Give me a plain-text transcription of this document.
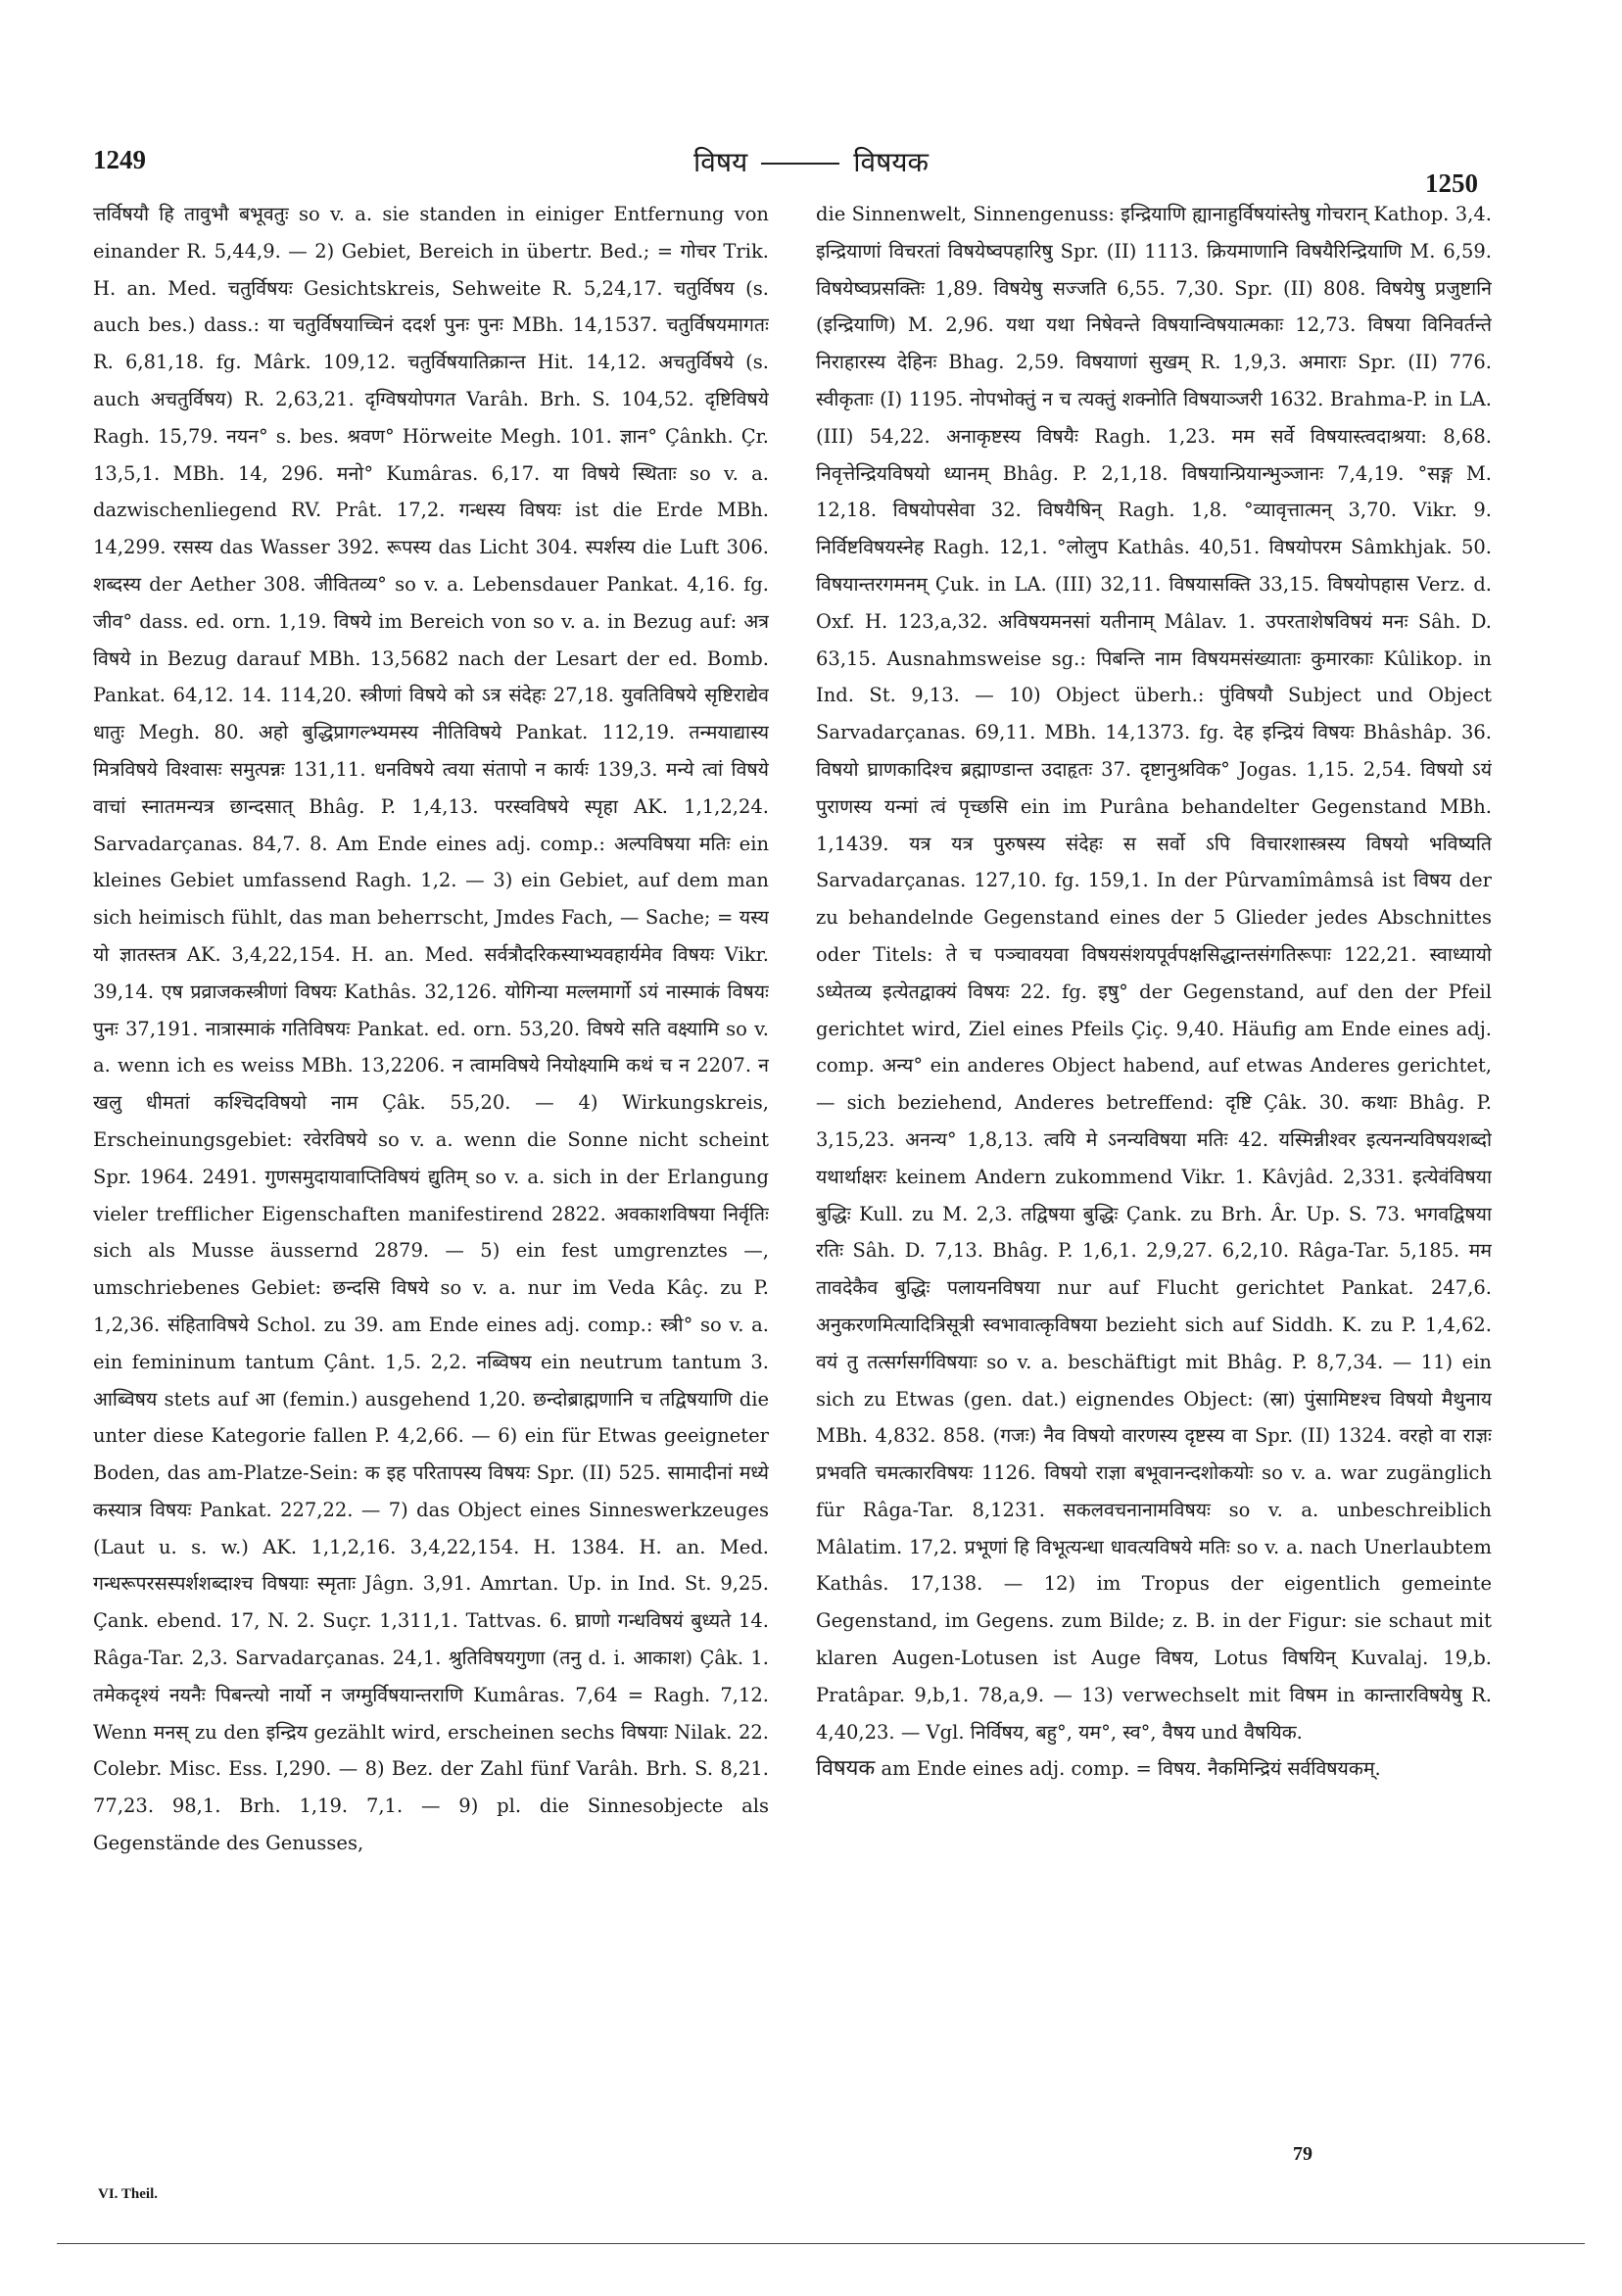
1249	विषय	विषयक
1250

त्तर्विषयौ हि तावुभौ बभूवतुः so v. a. sie standen in einiger Entfernung von einander R. 5,44,9. — 2) Gebiet, Bereich in übertr. Bed.; = गोचर Trik. H. an. Med. चतुर्विषयः Gesichtskreis, Sehweite R. 5,24,17. चतुर्विषय (s. auch bes.) dass.: या चतुर्विषयाच्चिनं ददर्श पुनः पुनः MBh. 14,1537. चतुर्विषयमागतः R. 6,81,18. fg. Mârk. 109,12. चतुर्विषयातिक्रान्त Hit. 14,12. अचतुर्विषये (s. auch अचतुर्विषय) R. 2,63,21. दृग्विषयोपगत Varâh. Brh. S. 104,52. दृष्टिविषये Ragh. 15,79. नयन° s. bes. श्रवण° Hörweite Megh. 101. ज्ञान° Çânkh. Çr. 13,5,1. MBh. 14, 296. मनो° Kumâras. 6,17. या विषये स्थिताः so v. a. dazwischenliegend RV. Prât. 17,2. गन्धस्य विषयः ist die Erde MBh. 14,299. रसस्य das Wasser 392. रूपस्य das Licht 304. स्पर्शस्य die Luft 306. शब्दस्य der Aether 308. जीवितव्य° so v. a. Lebensdauer Pankat. 4,16. fg. जीव° dass. ed. orn. 1,19. विषये im Bereich von so v. a. in Bezug auf: अत्र विषये in Bezug darauf MBh. 13,5682 nach der Lesart der ed. Bomb. Pankat. 64,12. 14. 114,20. स्त्रीणां विषये को ऽत्र संदेहः 27,18. युवतिविषये सृष्टिराद्येव धातुः Megh. 80. अहो बुद्धिप्रागल्भ्यमस्य नीतिविषये Pankat. 112,19. तन्मयाद्यास्य मित्रविषये विश्वासः समुत्पन्नः 131,11. धनविषये त्वया संतापो न कार्यः 139,3. मन्ये त्वां विषये वाचां स्नातमन्यत्र छान्दसात् Bhâg. P. 1,4,13. परस्वविषये स्पृहा AK. 1,1,2,24. Sarvadarçanas. 84,7. 8. Am Ende eines adj. comp.: अल्पविषया मतिः ein kleines Gebiet umfassend Ragh. 1,2. — 3) ein Gebiet, auf dem man sich heimisch fühlt, das man beherrscht, Jmdes Fach, — Sache; = यस्य यो ज्ञातस्तत्र AK. 3,4,22,154. H. an. Med. सर्वत्रौदरिकस्याभ्यवहार्यमेव विषयः Vikr. 39,14. एष प्रव्राजकस्त्रीणां विषयः Kathâs. 32,126. योगिन्या मल्लमार्गो ऽयं नास्माकं विषयः पुनः 37,191. नात्रास्माकं गतिविषयः Pankat. ed. orn. 53,20. विषये सति वक्ष्यामि so v. a. wenn ich es weiss MBh. 13,2206. न त्वामविषये नियोक्ष्यामि कथं च न 2207. न खलु धीमतां कश्चिदविषयो नाम Çâk. 55,20. — 4) Wirkungskreis, Erscheinungsgebiet: रवेरविषये so v. a. wenn die Sonne nicht scheint Spr. 1964. 2491. गुणसमुदायावाप्तिविषयं द्युतिम् so v. a. sich in der Erlangung vieler trefflicher Eigenschaften manifestirend 2822. अवकाशविषया निर्वृतिः sich als Musse äussernd 2879. — 5) ein fest umgrenztes —, umschriebenes Gebiet: छन्दसि विषये so v. a. nur im Veda Kâç. zu P. 1,2,36. संहिताविषये Schol. zu 39. am Ende eines adj. comp.: स्त्री° so v. a. ein femininum tantum Çânt. 1,5. 2,2. नब्विषय ein neutrum tantum 3. आब्विषय stets auf आ (femin.) ausgehend 1,20. छन्दोब्राह्मणानि च तद्विषयाणि die unter diese Kategorie fallen P. 4,2,66. — 6) ein für Etwas geeigneter Boden, das am-Platze-Sein: क इह परितापस्य विषयः Spr. (II) 525. सामादीनां मध्ये कस्यात्र विषयः Pankat. 227,22. — 7) das Object eines Sinneswerkzeuges (Laut u. s. w.) AK. 1,1,2,16. 3,4,22,154. H. 1384. H. an. Med. गन्धरूपरसस्पर्शशब्दाश्च विषयाः स्मृताः Jâgn. 3,91. Amrtan. Up. in Ind. St. 9,25. Çank. ebend. 17, N. 2. Suçr. 1,311,1. Tattvas. 6. घ्राणो गन्धविषयं बुध्यते 14. Râga-Tar. 2,3. Sarvadarçanas. 24,1. श्रुतिविषयगुणा (तनु d. i. आकाश) Çâk. 1. तमेकदृश्यं नयनैः पिबन्त्यो नार्यो न जग्मुर्विषयान्तराणि Kumâras. 7,64 = Ragh. 7,12. Wenn मनस् zu den इन्द्रिय gezählt wird, erscheinen sechs विषयाः Nilak. 22. Colebr. Misc. Ess. I,290. — 8) Bez. der Zahl fünf Varâh. Brh. S. 8,21. 77,23. 98,1. Brh. 1,19. 7,1. — 9) pl. die Sinnesobjecte als Gegenstände des Genusses,

die Sinnenwelt, Sinnengenuss: इन्द्रियाणि ह्यानाहुर्विषयांस्तेषु गोचरान् Kathop. 3,4. इन्द्रियाणां विचरतां विषयेष्वपहारिषु Spr. (II) 1113. क्रियमाणानि विषयैरिन्द्रियाणि M. 6,59. विषयेष्वप्रसक्तिः 1,89. विषयेषु सज्जति 6,55. 7,30. Spr. (II) 808. विषयेषु प्रजुष्टानि (इन्द्रियाणि) M. 2,96. यथा यथा निषेवन्ते विषयान्विषयात्मकाः 12,73. विषया विनिवर्तन्ते निराहारस्य देहिनः Bhag. 2,59. विषयाणां सुखम् R. 1,9,3. अमाराः Spr. (II) 776. स्वीकृताः (I) 1195. नोपभोक्तुं न च त्यक्तुं शक्नोति विषयाञ्जरी 1632. Brahma-P. in LA. (III) 54,22. अनाकृष्टस्य विषयैः Ragh. 1,23. मम सर्वे विषयास्त्वदाश्रया: 8,68. निवृत्तेन्द्रियविषयो ध्यानम् Bhâg. P. 2,1,18. विषयान्प्रियान्भुञ्जानः 7,4,19. °सङ्ग M. 12,18. विषयोपसेवा 32. विषयैषिन् Ragh. 1,8. °व्यावृत्तात्मन् 3,70. Vikr. 9. निर्विष्टविषयस्नेह Ragh. 12,1. °लोलुप Kathâs. 40,51. विषयोपरम Sâmkhjak. 50. विषयान्तरगमनम् Çuk. in LA. (III) 32,11. विषयासक्ति 33,15. विषयोपहास Verz. d. Oxf. H. 123,a,32. अविषयमनसां यतीनाम् Mâlav. 1. उपरताशेषविषयं मनः Sâh. D. 63,15. Ausnahmsweise sg.: पिबन्ति नाम विषयमसंख्याताः कुमारकाः Kûlikop. in Ind. St. 9,13. — 10) Object überh.: पुंविषयौ Subject und Object Sarvadarçanas. 69,11. MBh. 14,1373. fg. देह इन्द्रियं विषयः Bhâshâp. 36. विषयो घ्राणकादिश्च ब्रह्माण्डान्त उदाहृतः 37. दृष्टानुश्रविक° Jogas. 1,15. 2,54. विषयो ऽयं पुराणस्य यन्मां त्वं पृच्छसि ein im Purâna behandelter Gegenstand MBh. 1,1439. यत्र यत्र पुरुषस्य संदेहः स सर्वो ऽपि विचारशास्त्रस्य विषयो भविष्यति Sarvadarçanas. 127,10. fg. 159,1. In der Pûrvamîmâmsâ ist विषय der zu behandelnde Gegenstand eines der 5 Glieder jedes Abschnittes oder Titels: ते च पञ्चावयवा विषयसंशयपूर्वपक्षसिद्धान्तसंगतिरूपाः 122,21. स्वाध्यायो ऽध्येतव्य इत्येतद्वाक्यं विषयः 22. fg. इषु° der Gegenstand, auf den der Pfeil gerichtet wird, Ziel eines Pfeils Çiç. 9,40. Häufig am Ende eines adj. comp. अन्य° ein anderes Object habend, auf etwas Anderes gerichtet, — sich beziehend, Anderes betreffend: दृष्टि Çâk. 30. कथाः Bhâg. P. 3,15,23. अनन्य° 1,8,13. त्वयि मे ऽनन्यविषया मतिः 42. यस्मिन्नीश्वर इत्यनन्यविषयशब्दो यथार्थाक्षरः keinem Andern zukommend Vikr. 1. Kâvjâd. 2,331. इत्येवंविषया बुद्धिः Kull. zu M. 2,3. तद्विषया बुद्धिः Çank. zu Brh. Âr. Up. S. 73. भगवद्विषया रतिः Sâh. D. 7,13. Bhâg. P. 1,6,1. 2,9,27. 6,2,10. Râga-Tar. 5,185. मम तावदेकैव बुद्धिः पलायनविषया nur auf Flucht gerichtet Pankat. 247,6. अनुकरणमित्यादित्रिसूत्री स्वभावात्कृविषया bezieht sich auf Siddh. K. zu P. 1,4,62. वयं तु तत्सर्गसर्गविषयाः so v. a. beschäftigt mit Bhâg. P. 8,7,34. — 11) ein sich zu Etwas (gen. dat.) eignendes Object: (स्रा) पुंसामिष्टश्च विषयो मैथुनाय MBh. 4,832. 858. (गजः) नैव विषयो वारणस्य दृष्टस्य वा Spr. (II) 1324. वरहो वा राज्ञः प्रभवति चमत्कारविषयः 1126. विषयो राज्ञा बभूवानन्दशोकयोः so v. a. war zugänglich für Râga-Tar. 8,1231. सकलवचनानामविषयः so v. a. unbeschreiblich Mâlatim. 17,2. प्रभूणां हि विभूत्यन्धा धावत्यविषये मतिः so v. a. nach Unerlaubtem Kathâs. 17,138. — 12) im Tropus der eigentlich gemeinte Gegenstand, im Gegens. zum Bilde; z. B. in der Figur: sie schaut mit klaren Augen-Lotusen ist Auge विषय, Lotus विषयिन् Kuvalaj. 19,b. Pratâpar. 9,b,1. 78,a,9. — 13) verwechselt mit विषम in कान्तारविषयेषु R. 4,40,23. — Vgl. निर्विषय, बहु°, यम°, स्व°, वैषय und वैषयिक.

विषयक am Ende eines adj. comp. = विषय. नैकमिन्द्रियं सर्वविषयकम्.

79
VI. Theil.
